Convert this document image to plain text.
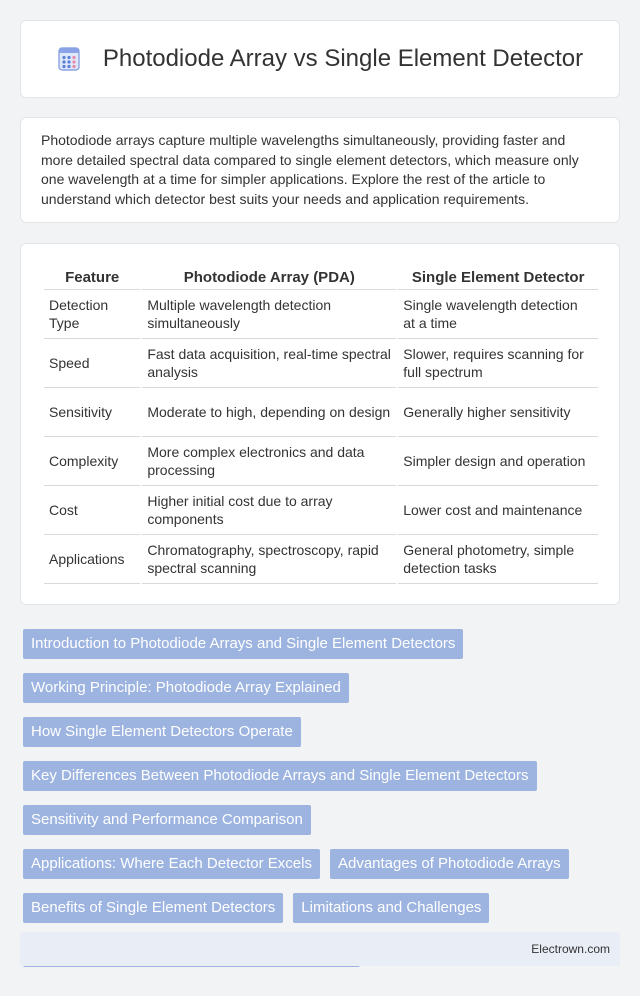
Photodiode Array vs Single Element Detector

Photodiode arrays capture multiple wavelengths simultaneously, providing faster and more detailed spectral data compared to single element detectors, which measure only one wavelength at a time for simpler applications. Explore the rest of the article to understand which detector best suits your needs and application requirements.

Feature	Photodiode Array (PDA)	Single Element Detector
Detection Type	Multiple wavelength detection simultaneously	Single wavelength detection at a time
Speed	Fast data acquisition, real-time spectral analysis	Slower, requires scanning for full spectrum
Sensitivity	Moderate to high, depending on design	Generally higher sensitivity
Complexity	More complex electronics and data processing	Simpler design and operation
Cost	Higher initial cost due to array components	Lower cost and maintenance
Applications	Chromatography, spectroscopy, rapid spectral scanning	General photometry, simple detection tasks
Introduction to Photodiode Arrays and Single Element Detectors
Working Principle: Photodiode Array Explained
How Single Element Detectors Operate
Key Differences Between Photodiode Arrays and Single Element Detectors
Sensitivity and Performance Comparison
Applications: Where Each Detector Excels	Advantages of Photodiode Arrays
Benefits of Single Element Detectors	Limitations and Challenges
Electrown.com
